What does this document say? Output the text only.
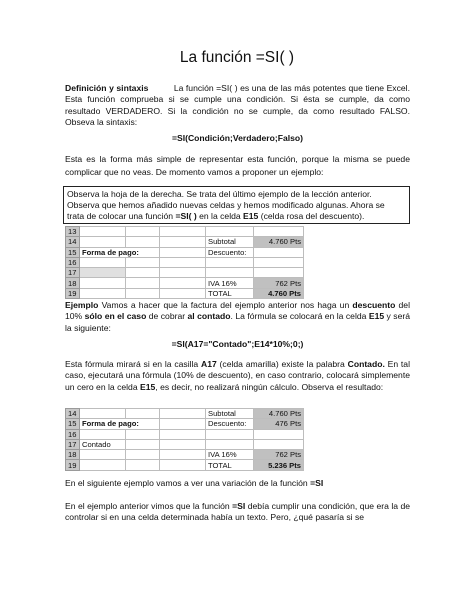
La función =SI( )

Definición y sintaxis	La función =SI( ) es una de las más potentes que tiene Excel. Esta función comprueba si se cumple una condición. Si ésta se cumple, da como resultado VERDADERO. Si la condición no se cumple, da como resultado FALSO. Obseva la sintaxis:

=SI(Condición;Verdadero;Falso)

Esta es la forma más simple de representar esta función, porque la misma se puede complicar que no veas. De momento vamos a proponer un ejemplo:

Observa la hoja de la derecha. Se trata del último ejemplo de la lección anterior.
Observa que hemos añadido nuevas celdas y hemos modificado algunas. Ahora se
trata de colocar una función =SI( ) en la celda E15 (celda rosa del descuento).
13					
14				Subtotal	4.760 Pts
15	Forma de pago:			Descuento:	
16					
17					
18				IVA 16%	762 Pts
19				TOTAL	4.760 Pts

Ejemplo Vamos a hacer que la factura del ejemplo anterior nos haga un descuento del 10% sólo en el caso de cobrar al contado. La fórmula se colocará en la celda E15 y será la siguiente:

=SI(A17="Contado";E14*10%;0;)

Esta fórmula mirará si en la casilla A17 (celda amarilla) existe la palabra Contado. En tal caso, ejecutará una fórmula (10% de descuento), en caso contrario, colocará simplemente un cero en la celda E15, es decir, no realizará ningún cálculo. Observa el resultado:

14				Subtotal	4.760 Pts
15	Forma de pago:			Descuento:	476 Pts
16					
17	Contado				
18				IVA 16%	762 Pts
19				TOTAL	5.236 Pts

En el siguiente ejemplo vamos a ver una variación de la función =SI

En el ejemplo anterior vimos que la función =SI debía cumplir una condición, que era la de controlar si en una celda determinada había un texto. Pero, ¿qué pasaría si se
